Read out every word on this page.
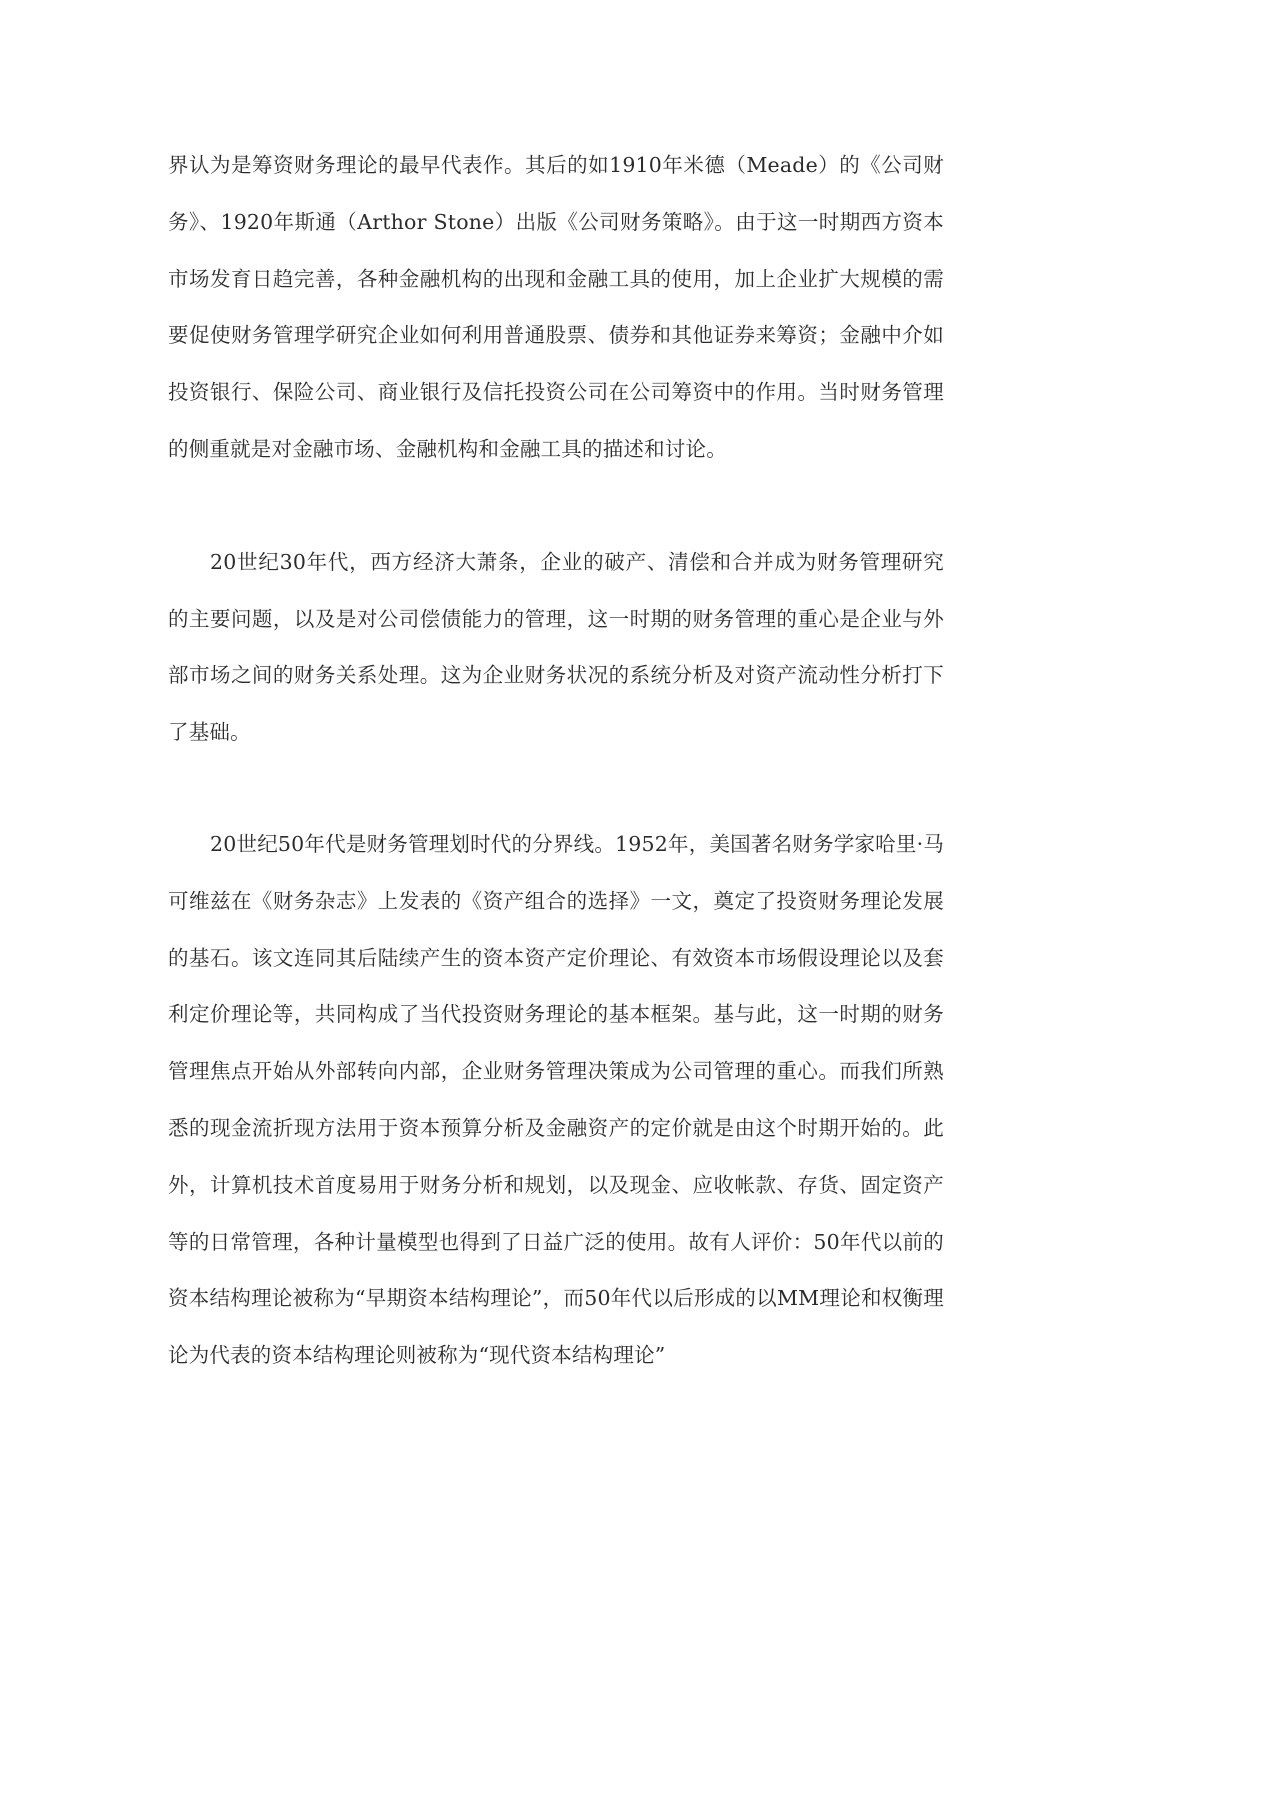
界认为是筹资财务理论的最早代表作。其后的如1910年米德（Meade）的《公司财务》、1920年斯通（Arthor Stone）出版《公司财务策略》。由于这一时期西方资本市场发育日趋完善，各种金融机构的出现和金融工具的使用，加上企业扩大规模的需要促使财务管理学研究企业如何利用普通股票、债券和其他证券来筹资；金融中介如投资银行、保险公司、商业银行及信托投资公司在公司筹资中的作用。当时财务管理的侧重就是对金融市场、金融机构和金融工具的描述和讨论。

20世纪30年代，西方经济大萧条，企业的破产、清偿和合并成为财务管理研究的主要问题，以及是对公司偿债能力的管理，这一时期的财务管理的重心是企业与外部市场之间的财务关系处理。这为企业财务状况的系统分析及对资产流动性分析打下了基础。

20世纪50年代是财务管理划时代的分界线。1952年，美国著名财务学家哈里·马可维兹在《财务杂志》上发表的《资产组合的选择》一文，奠定了投资财务理论发展的基石。该文连同其后陆续产生的资本资产定价理论、有效资本市场假设理论以及套利定价理论等，共同构成了当代投资财务理论的基本框架。基与此，这一时期的财务管理焦点开始从外部转向内部，企业财务管理决策成为公司管理的重心。而我们所熟悉的现金流折现方法用于资本预算分析及金融资产的定价就是由这个时期开始的。此外，计算机技术首度易用于财务分析和规划，以及现金、应收帐款、存货、固定资产等的日常管理，各种计量模型也得到了日益广泛的使用。故有人评价：50年代以前的资本结构理论被称为“早期资本结构理论”，而50年代以后形成的以MM理论和权衡理论为代表的资本结构理论则被称为“现代资本结构理论”
